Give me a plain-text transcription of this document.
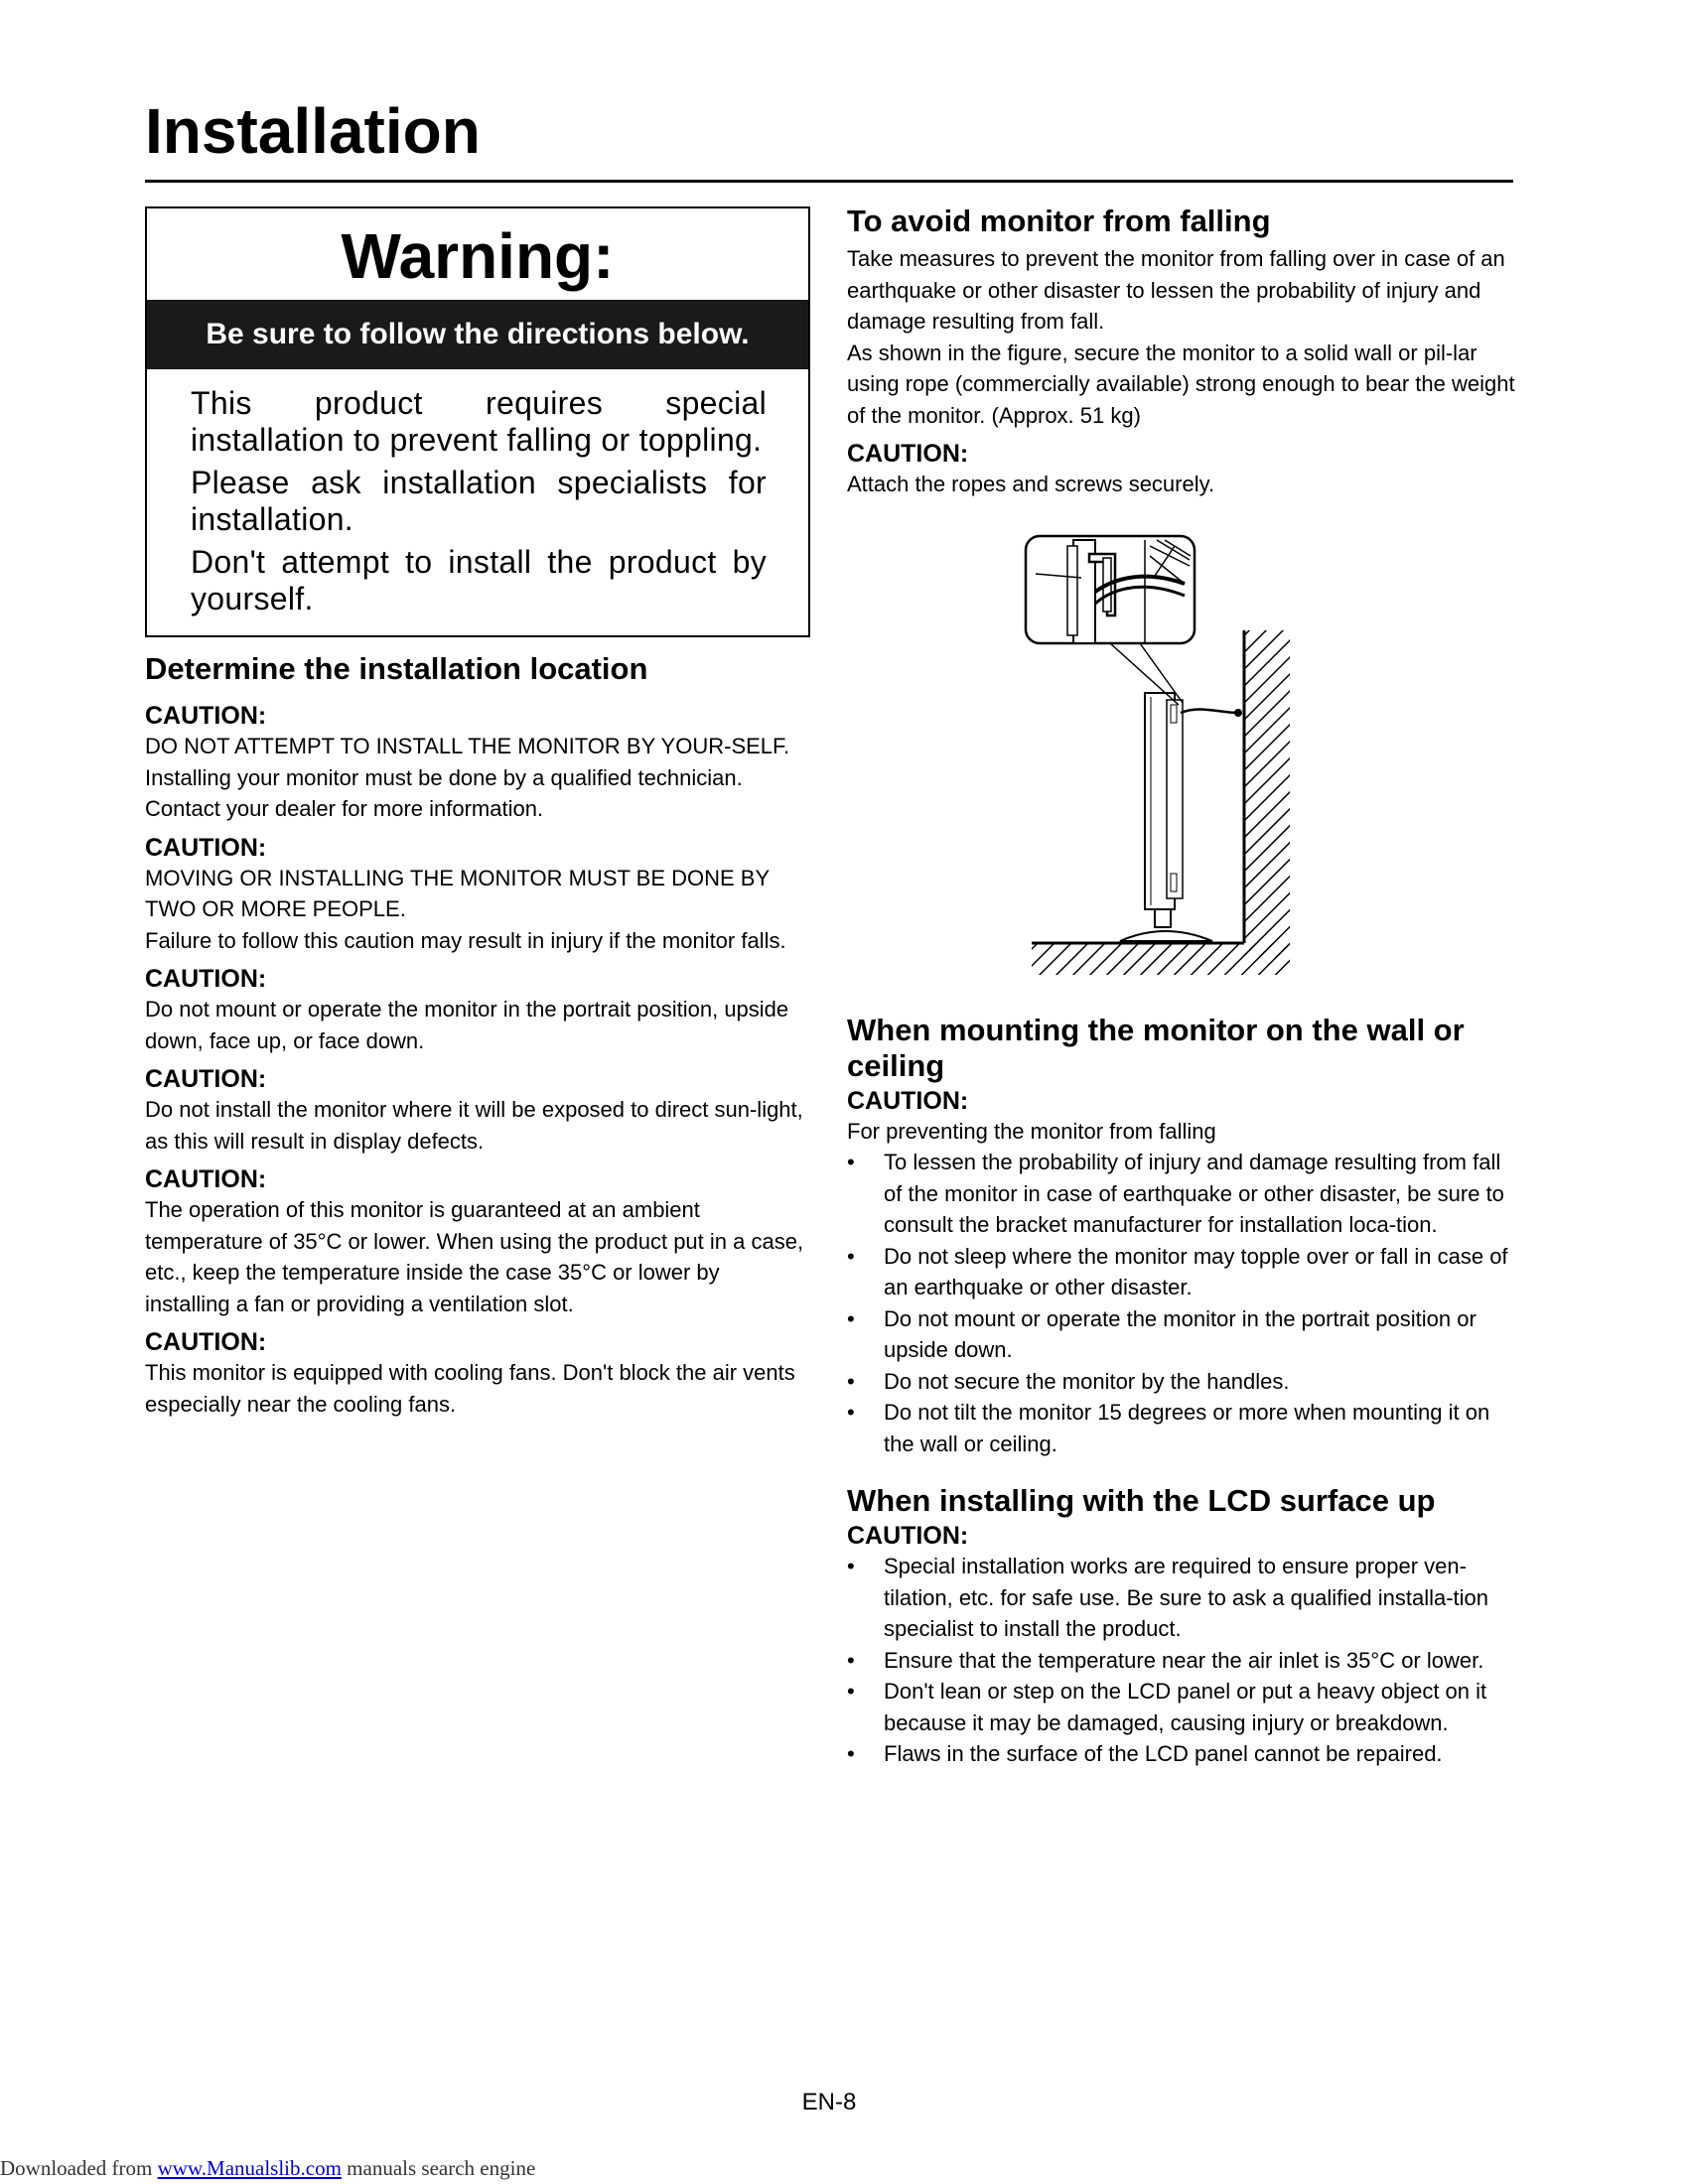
Installation
Warning:
Be sure to follow the directions below.

This product requires special installation to prevent falling or toppling.

Please ask installation specialists for installation.

Don't attempt to install the product by yourself.

Determine the installation location
CAUTION:

DO NOT ATTEMPT TO INSTALL THE MONITOR BY YOUR-SELF.
Installing your monitor must be done by a qualified technician. Contact your dealer for more information.

CAUTION:

MOVING OR INSTALLING THE MONITOR MUST BE DONE BY TWO OR MORE PEOPLE.
Failure to follow this caution may result in injury if the monitor falls.

CAUTION:

Do not mount or operate the monitor in the portrait position, upside down, face up, or face down.

CAUTION:

Do not install the monitor where it will be exposed to direct sun-light, as this will result in display defects.

CAUTION:

The operation of this monitor is guaranteed at an ambient temperature of 35°C or lower. When using the product put in a case, etc., keep the temperature inside the case 35°C or lower by installing a fan or providing a ventilation slot.

CAUTION:

This monitor is equipped with cooling fans. Don't block the air vents especially near the cooling fans.

To avoid monitor from falling

Take measures to prevent the monitor from falling over in case of an earthquake or other disaster to lessen the probability of injury and damage resulting from fall.

As shown in the figure, secure the monitor to a solid wall or pil-lar using rope (commercially available) strong enough to bear the weight of the monitor. (Approx. 51 kg)

CAUTION:

Attach the ropes and screws securely.

When mounting the monitor on the wall or ceiling
CAUTION:

For preventing the monitor from falling

• To lessen the probability of injury and damage resulting from fall of the monitor in case of earthquake or other disaster, be sure to consult the bracket manufacturer for installation loca-tion.
• Do not sleep where the monitor may topple over or fall in case of an earthquake or other disaster.
• Do not mount or operate the monitor in the portrait position or upside down.
• Do not secure the monitor by the handles.
• Do not tilt the monitor 15 degrees or more when mounting it on the wall or ceiling.
When installing with the LCD surface up
CAUTION:
• Special installation works are required to ensure proper ven-tilation, etc. for safe use. Be sure to ask a qualified installa-tion specialist to install the product.
• Ensure that the temperature near the air inlet is 35°C or lower.
• Don't lean or step on the LCD panel or put a heavy object on it because it may be damaged, causing injury or breakdown.
• Flaws in the surface of the LCD panel cannot be repaired.
EN-8
Downloaded from www.Manualslib.com manuals search engine
